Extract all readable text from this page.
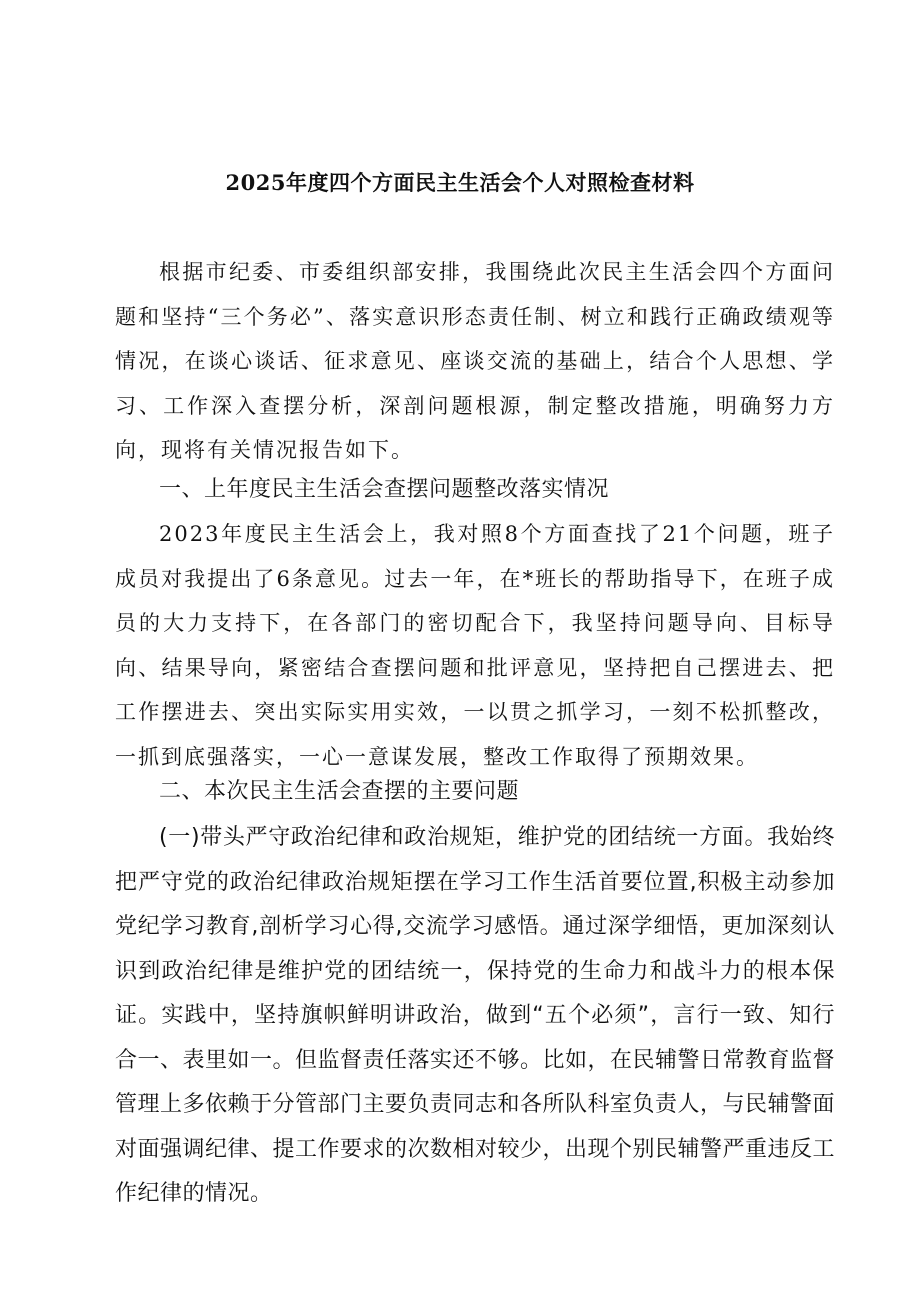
2025年度四个方面民主生活会个人对照检查材料

根据市纪委、市委组织部安排，我围绕此次民主生活会四个方面问题和坚持“三个务必”、落实意识形态责任制、树立和践行正确政绩观等情况，在谈心谈话、征求意见、座谈交流的基础上，结合个人思想、学习、工作深入查摆分析，深剖问题根源，制定整改措施，明确努力方向，现将有关情况报告如下。

一、上年度民主生活会查摆问题整改落实情况

2023年度民主生活会上，我对照8个方面查找了21个问题，班子成员对我提出了6条意见。过去一年，在*班长的帮助指导下，在班子成员的大力支持下，在各部门的密切配合下，我坚持问题导向、目标导向、结果导向，紧密结合查摆问题和批评意见，坚持把自己摆进去、把工作摆进去、突出实际实用实效，一以贯之抓学习，一刻不松抓整改，一抓到底强落实，一心一意谋发展，整改工作取得了预期效果。

二、本次民主生活会查摆的主要问题

(一)带头严守政治纪律和政治规矩，维护党的团结统一方面。我始终把严守党的政治纪律政治规矩摆在学习工作生活首要位置,积极主动参加党纪学习教育,剖析学习心得,交流学习感悟。通过深学细悟，更加深刻认识到政治纪律是维护党的团结统一，保持党的生命力和战斗力的根本保证。实践中，坚持旗帜鲜明讲政治，做到“五个必须”，言行一致、知行合一、表里如一。但监督责任落实还不够。比如，在民辅警日常教育监督管理上多依赖于分管部门主要负责同志和各所队科室负责人，与民辅警面对面强调纪律、提工作要求的次数相对较少，出现个别民辅警严重违反工作纪律的情况。
